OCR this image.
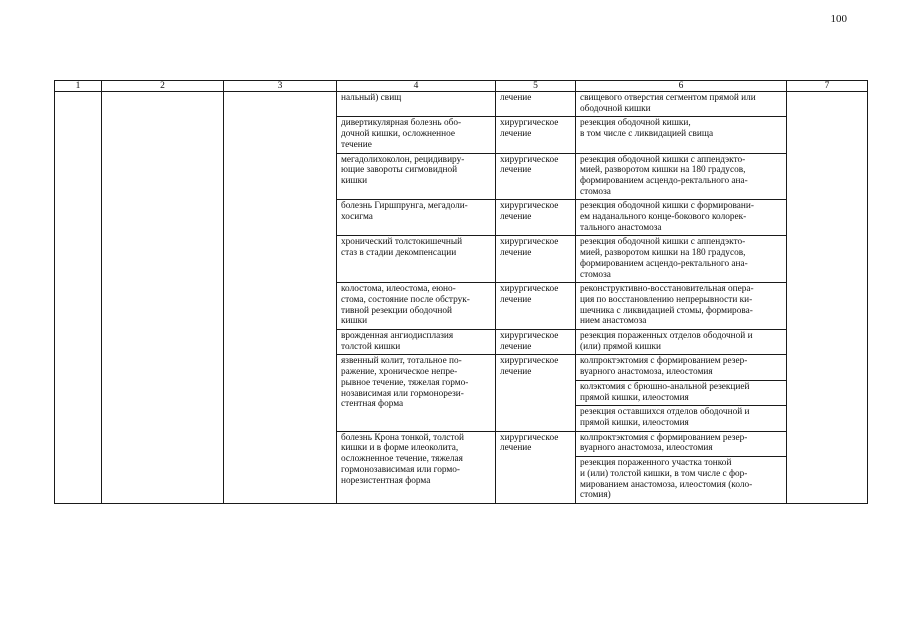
100
1	2	3	4	5	6	7
			нальный) свищ	лечение	свищевого отверстия сегментом прямой или
ободочной кишки	
			дивертикулярная болезнь обо-
дочной кишки, осложненное
течение	хирургическое
лечение	резекция ободочной кишки,
в том числе с ликвидацией свища	
			мегадолихоколон, рецидивиру-
ющие завороты сигмовидной
кишки	хирургическое
лечение	резекция ободочной кишки с аппендэкто-
мией, разворотом кишки на 180 градусов,
формированием асцендо-ректального ана-
стомоза	
			болезнь Гиршпрунга, мегадоли-
хосигма	хирургическое
лечение	резекция ободочной кишки с формировани-
ем наданального конце-бокового колорек-
тального анастомоза	
			хронический толстокишечный
стаз в стадии декомпенсации	хирургическое
лечение	резекция ободочной кишки с аппендэкто-
мией, разворотом кишки на 180 градусов,
формированием асцендо-ректального ана-
стомоза	
			колостома, илеостома, еюно-
стома, состояние после обструк-
тивной резекции ободочной
кишки	хирургическое
лечение	реконструктивно-восстановительная опера-
ция по восстановлению непрерывности ки-
шечника с ликвидацией стомы, формирова-
нием анастомоза	
			врожденная ангиодисплазия
толстой кишки	хирургическое
лечение	резекция пораженных отделов ободочной и
(или) прямой кишки	
			язвенный колит, тотальное по-
ражение, хроническое непре-
рывное течение, тяжелая гормо-
нозависимая или гормонорези-
стентная форма	хирургическое
лечение	колпроктэктомия с формированием резер-
вуарного анастомоза, илеостомия	
					колэктомия с брюшно-анальной резекцией
прямой кишки, илеостомия	
					резекция оставшихся отделов ободочной и
прямой кишки, илеостомия	
			болезнь Крона тонкой, толстой
кишки и в форме илеоколита,
осложненное течение, тяжелая
гормонозависимая или гормо-
норезистентная форма	хирургическое
лечение	колпроктэктомия с формированием резер-
вуарного анастомоза, илеостомия	
					резекция пораженного участка тонкой
и (или) толстой кишки, в том числе с фор-
мированием анастомоза, илеостомия (коло-
стомия)	
